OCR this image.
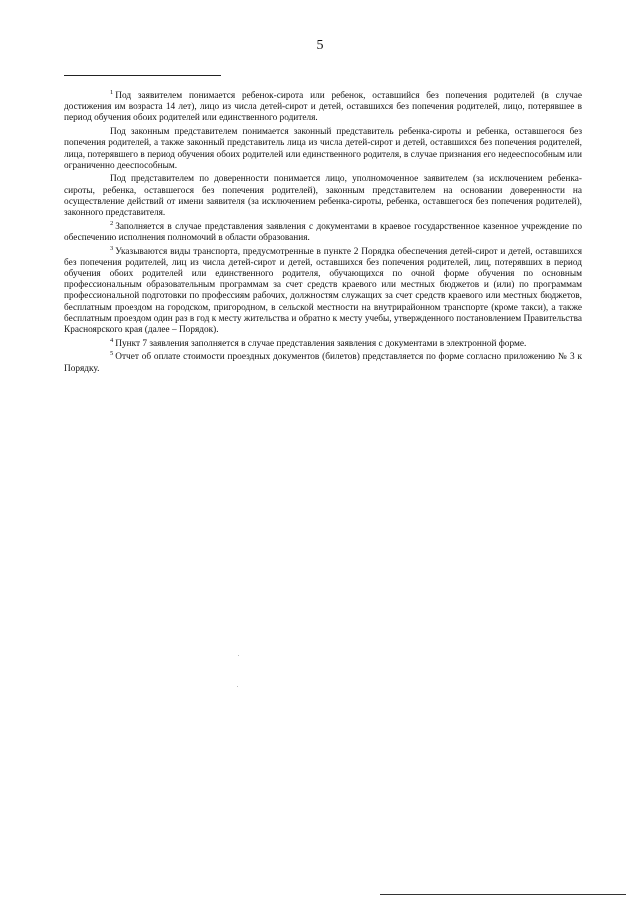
5

$^1$ Под заявителем понимается ребенок-сирота или ребенок, оставшийся без попечения родителей (в случае достижения им возраста 14 лет), лицо из числа детей-сирот и детей, оставшихся без попечения родителей, лицо, потерявшее в период обучения обоих родителей или единственного родителя.

Под законным представителем понимается законный представитель ребенка-сироты и ребенка, оставшегося без попечения родителей, а также законный представитель лица из числа детей-сирот и детей, оставшихся без попечения родителей, лица, потерявшего в период обучения обоих родителей или единственного родителя, в случае признания его недееспособным или ограниченно дееспособным.

Под представителем по доверенности понимается лицо, уполномоченное заявителем (за исключением ребенка-сироты, ребенка, оставшегося без попечения родителей), законным представителем на основании доверенности на осуществление действий от имени заявителя (за исключением ребенка-сироты, ребенка, оставшегося без попечения родителей), законного представителя.

$^2$ Заполняется в случае представления заявления с документами в краевое государственное казенное учреждение по обеспечению исполнения полномочий в области образования.

$^3$ Указываются виды транспорта, предусмотренные в пункте 2 Порядка обеспечения детей-сирот и детей, оставшихся без попечения родителей, лиц из числа детей-сирот и детей, оставшихся без попечения родителей, лиц, потерявших в период обучения обоих родителей или единственного родителя, обучающихся по очной форме обучения по основным профессиональным образовательным программам за счет средств краевого или местных бюджетов и (или) по программам профессиональной подготовки по профессиям рабочих, должностям служащих за счет средств краевого или местных бюджетов, бесплатным проездом на городском, пригородном, в сельской местности на внутрирайонном транспорте (кроме такси), а также бесплатным проездом один раз в год к месту жительства и обратно к месту учебы, утвержденного постановлением Правительства Красноярского края (далее – Порядок).

$^4$ Пункт 7 заявления заполняется в случае представления заявления с документами в электронной форме.

$^5$ Отчет об оплате стоимости проездных документов (билетов) представляется по форме согласно приложению № 3 к Порядку.
